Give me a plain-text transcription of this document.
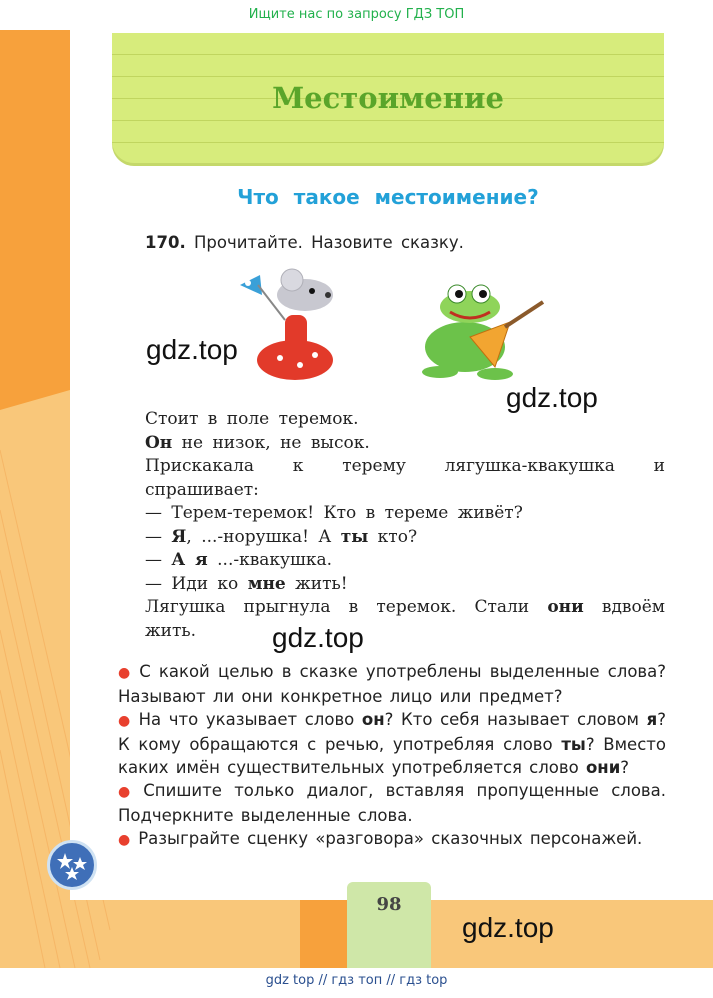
Ищите нас по запросу ГДЗ ТОП
Местоимение
Что такое местоимение?
170. Прочитайте. Назовите сказку.
gdz.top
gdz.top

Стоит в поле теремок.

Он не низок, не высок.

Прискакала к терему лягушка-квакушка и спрашивает:

— Терем-теремок! Кто в тереме живёт?

— Я, ...-норушка! А ты кто?

— А я ...-квакушка.

— Иди ко мне жить!

Лягушка прыгнула в теремок. Стали они вдвоём жить.	gdz.top

● С какой целью в сказке употреблены выделенные слова? Называют ли они конкретное лицо или предмет?

● На что указывает слово он? Кто себя называет словом я? К кому обращаются с речью, употребляя слово ты? Вместо каких имён существительных употребляется слово они?

● Спишите только диалог, вставляя пропущенные слова. Подчеркните выделенные слова.

● Разыграйте сценку «разговора» сказочных персонажей.

98
gdz.top
gdz top // гдз топ // гдз top
